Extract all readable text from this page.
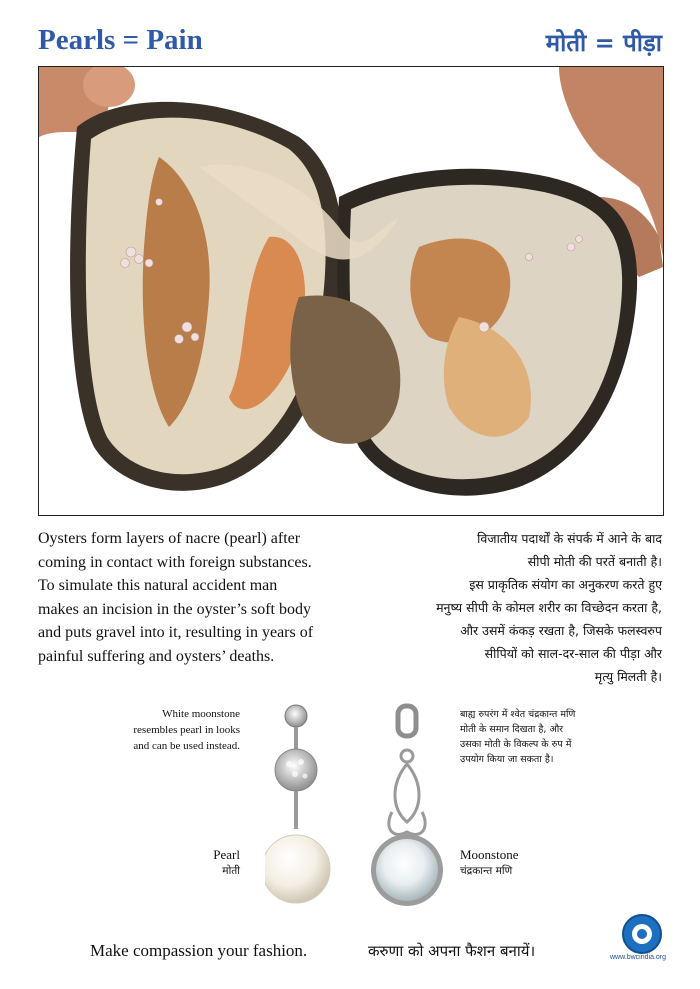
Pearls = Pain	मोती = पीड़ा
Oysters form layers of nacre (pearl) after
coming in contact with foreign substances.
To simulate this natural accident man
makes an incision in the oyster’s soft body
and puts gravel into it, resulting in years of
painful suffering and oysters’ deaths.
विजातीय पदार्थों के संपर्क में आने के बाद
सीपी मोती की परतें बनाती है।
इस प्राकृतिक संयोग का अनुकरण करते हुए
मनुष्य सीपी के कोमल शरीर का विच्छेदन करता है,
और उसमें कंकड़ रखता है, जिसके फलस्वरुप
सीपियों को साल-दर-साल की पीड़ा और
मृत्यु मिलती है।
White moonstone
resembles pearl in looks
and can be used instead.
बाह्य रुपरंग में श्वेत चंद्रकान्त मणि
मोती के समान दिखता है, और
उसका मोती के विकल्प के रुप में
उपयोग किया जा सकता है।
Pearl
मोती
Moonstone
चंद्रकान्त मणि
Make compassion your fashion.	करुणा को अपना फैशन बनायें।	www.bwcindia.org
